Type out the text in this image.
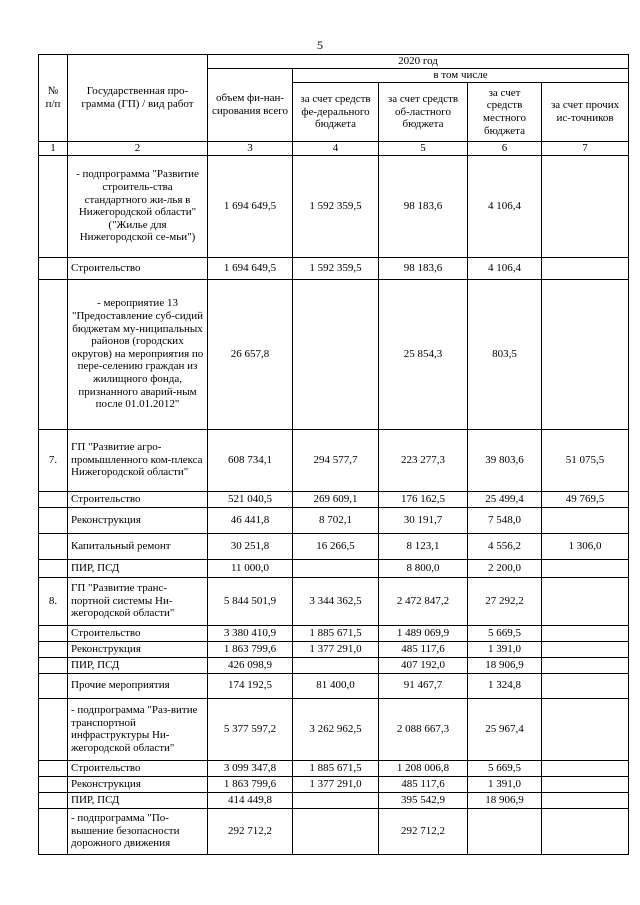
5
№ п/п	Государственная про-грамма (ГП) / вид работ	2020 год				
		объем фи-нан-сирования всего	в том числе			
			за счет средств фе-дерального бюджета	за счет средств об-ластного бюджета	за счет средств местного бюджета	за счет прочих ис-точников
1	2	3	4	5	6	7
	- подпрограмма "Развитие строитель-ства стандартного жи-лья в Нижегородской области" ("Жилье для Нижегородской се-мьи")	1 694 649,5	1 592 359,5	98 183,6	4 106,4	
	Строительство	1 694 649,5	1 592 359,5	98 183,6	4 106,4	
	- мероприятие 13 "Предоставление суб-сидий бюджетам му-ниципальных районов (городских округов) на мероприятия по пере-селению граждан из жилищного фонда, признанного аварий-ным после 01.01.2012"	26 657,8		25 854,3	803,5	
7.	ГП "Развитие агро-промышленного ком-плекса Нижегородской области"	608 734,1	294 577,7	223 277,3	39 803,6	51 075,5
	Строительство	521 040,5	269 609,1	176 162,5	25 499,4	49 769,5
	Реконструкция	46 441,8	8 702,1	30 191,7	7 548,0	
	Капитальный ремонт	30 251,8	16 266,5	8 123,1	4 556,2	1 306,0
	ПИР, ПСД	11 000,0		8 800,0	2 200,0	
8.	ГП "Развитие транс-портной системы Ни-жегородской области"	5 844 501,9	3 344 362,5	2 472 847,2	27 292,2	
	Строительство	3 380 410,9	1 885 671,5	1 489 069,9	5 669,5	
	Реконструкция	1 863 799,6	1 377 291,0	485 117,6	1 391,0	
	ПИР, ПСД	426 098,9		407 192,0	18 906,9	
	Прочие мероприятия	174 192,5	81 400,0	91 467,7	1 324,8	
	- подпрограмма "Раз-витие транспортной инфраструктуры Ни-жегородской области"	5 377 597,2	3 262 962,5	2 088 667,3	25 967,4	
	Строительство	3 099 347,8	1 885 671,5	1 208 006,8	5 669,5	
	Реконструкция	1 863 799,6	1 377 291,0	485 117,6	1 391,0	
	ПИР, ПСД	414 449,8		395 542,9	18 906,9	
	- подпрограмма "По-вышение безопасности дорожного движения	292 712,2		292 712,2		
